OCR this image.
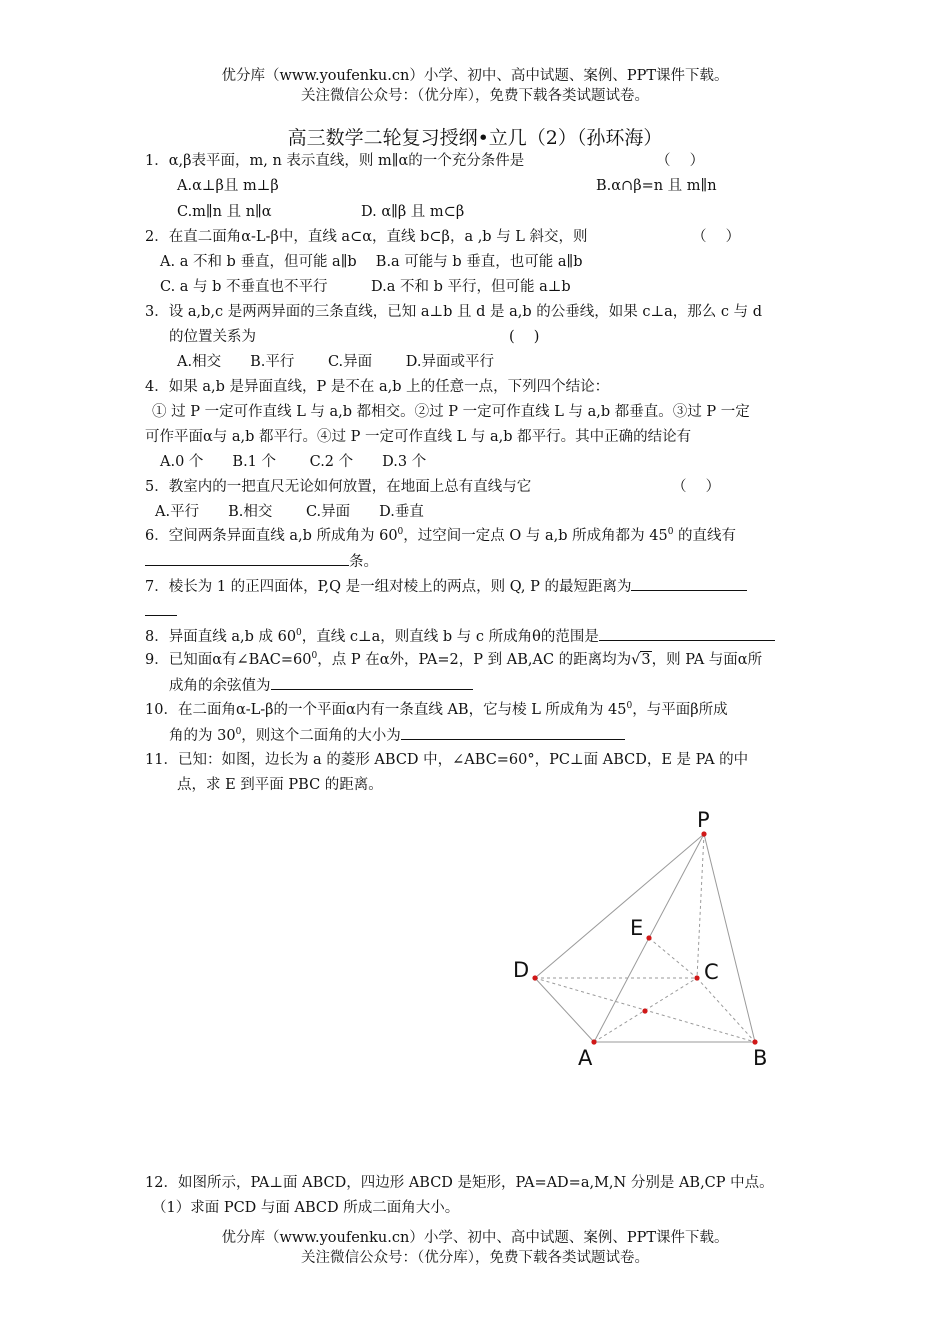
优分库（www.youfenku.cn）小学、初中、高中试题、案例、PPT课件下载。
关注微信公众号：（优分库），免费下载各类试题试卷。
高三数学二轮复习授纲•立几（2）（孙环海）
1．α,β表平面，m, n 表示直线，则 m∥α的一个充分条件是	（　 ）
A.α⊥β且 m⊥β	B.α∩β=n 且 m∥n
C.m∥n 且 n∥α	D. α∥β 且 m⊂β
2．在直二面角α-L-β中，直线 a⊂α，直线 b⊂β，a ,b 与 L 斜交，则	（　 ）
A. a 不和 b 垂直，但可能 a∥b　 B.a 可能与 b 垂直，也可能 a∥b
C. a 与 b 不垂直也不平行　　　D.a 不和 b 平行，但可能 a⊥b
3．设 a,b,c 是两两异面的三条直线，已知 a⊥b 且 d 是 a,b 的公垂线，如果 c⊥a，那么 c 与 d
的位置关系为	(　 )
A.相交　　B.平行　　 C.异面　　 D.异面或平行
4．如果 a,b 是异面直线，P 是不在 a,b 上的任意一点，下列四个结论：
① 过 P 一定可作直线 L 与 a,b 都相交。②过 P 一定可作直线 L 与 a,b 都垂直。③过 P 一定
可作平面α与 a,b 都平行。④过 P 一定可作直线 L 与 a,b 都平行。其中正确的结论有
A.0 个　　B.1 个　　 C.2 个　　D.3 个
5．教室内的一把直尺无论如何放置，在地面上总有直线与它	（　 ）
A.平行　　B.相交　　 C.异面　　D.垂直
6．空间两条异面直线 a,b 所成角为 $60^0$，过空间一定点 O 与 a,b 所成角都为 $45^0$ 的直线有
条。
7．棱长为 1 的正四面体，P,Q 是一组对棱上的两点，则 Q, P 的最短距离为
8．异面直线 a,b 成 $60^0$，直线 c⊥a，则直线 b 与 c 所成角θ的范围是
9．已知面α有$\angle BAC=60^0$，点 P 在α外，PA=2，P 到 AB,AC 的距离均为√3，则 PA 与面α所
成角的余弦值为
10．在二面角α-L-β的一个平面α内有一条直线 AB，它与棱 L 所成角为 $45^0$，与平面β所成
角的为 $30^0$，则这个二面角的大小为
11．已知：如图，边长为 a 的菱形 ABCD 中，∠ABC=60°，PC⊥面 ABCD，E 是 PA 的中
点，求 E 到平面 PBC 的距离。
P
E
D	C
A	B
12．如图所示，PA⊥面 ABCD，四边形 ABCD 是矩形，PA=AD=a,M,N 分别是 AB,CP 中点。
（1）求面 PCD 与面 ABCD 所成二面角大小。
优分库（www.youfenku.cn）小学、初中、高中试题、案例、PPT课件下载。
关注微信公众号：（优分库），免费下载各类试题试卷。
